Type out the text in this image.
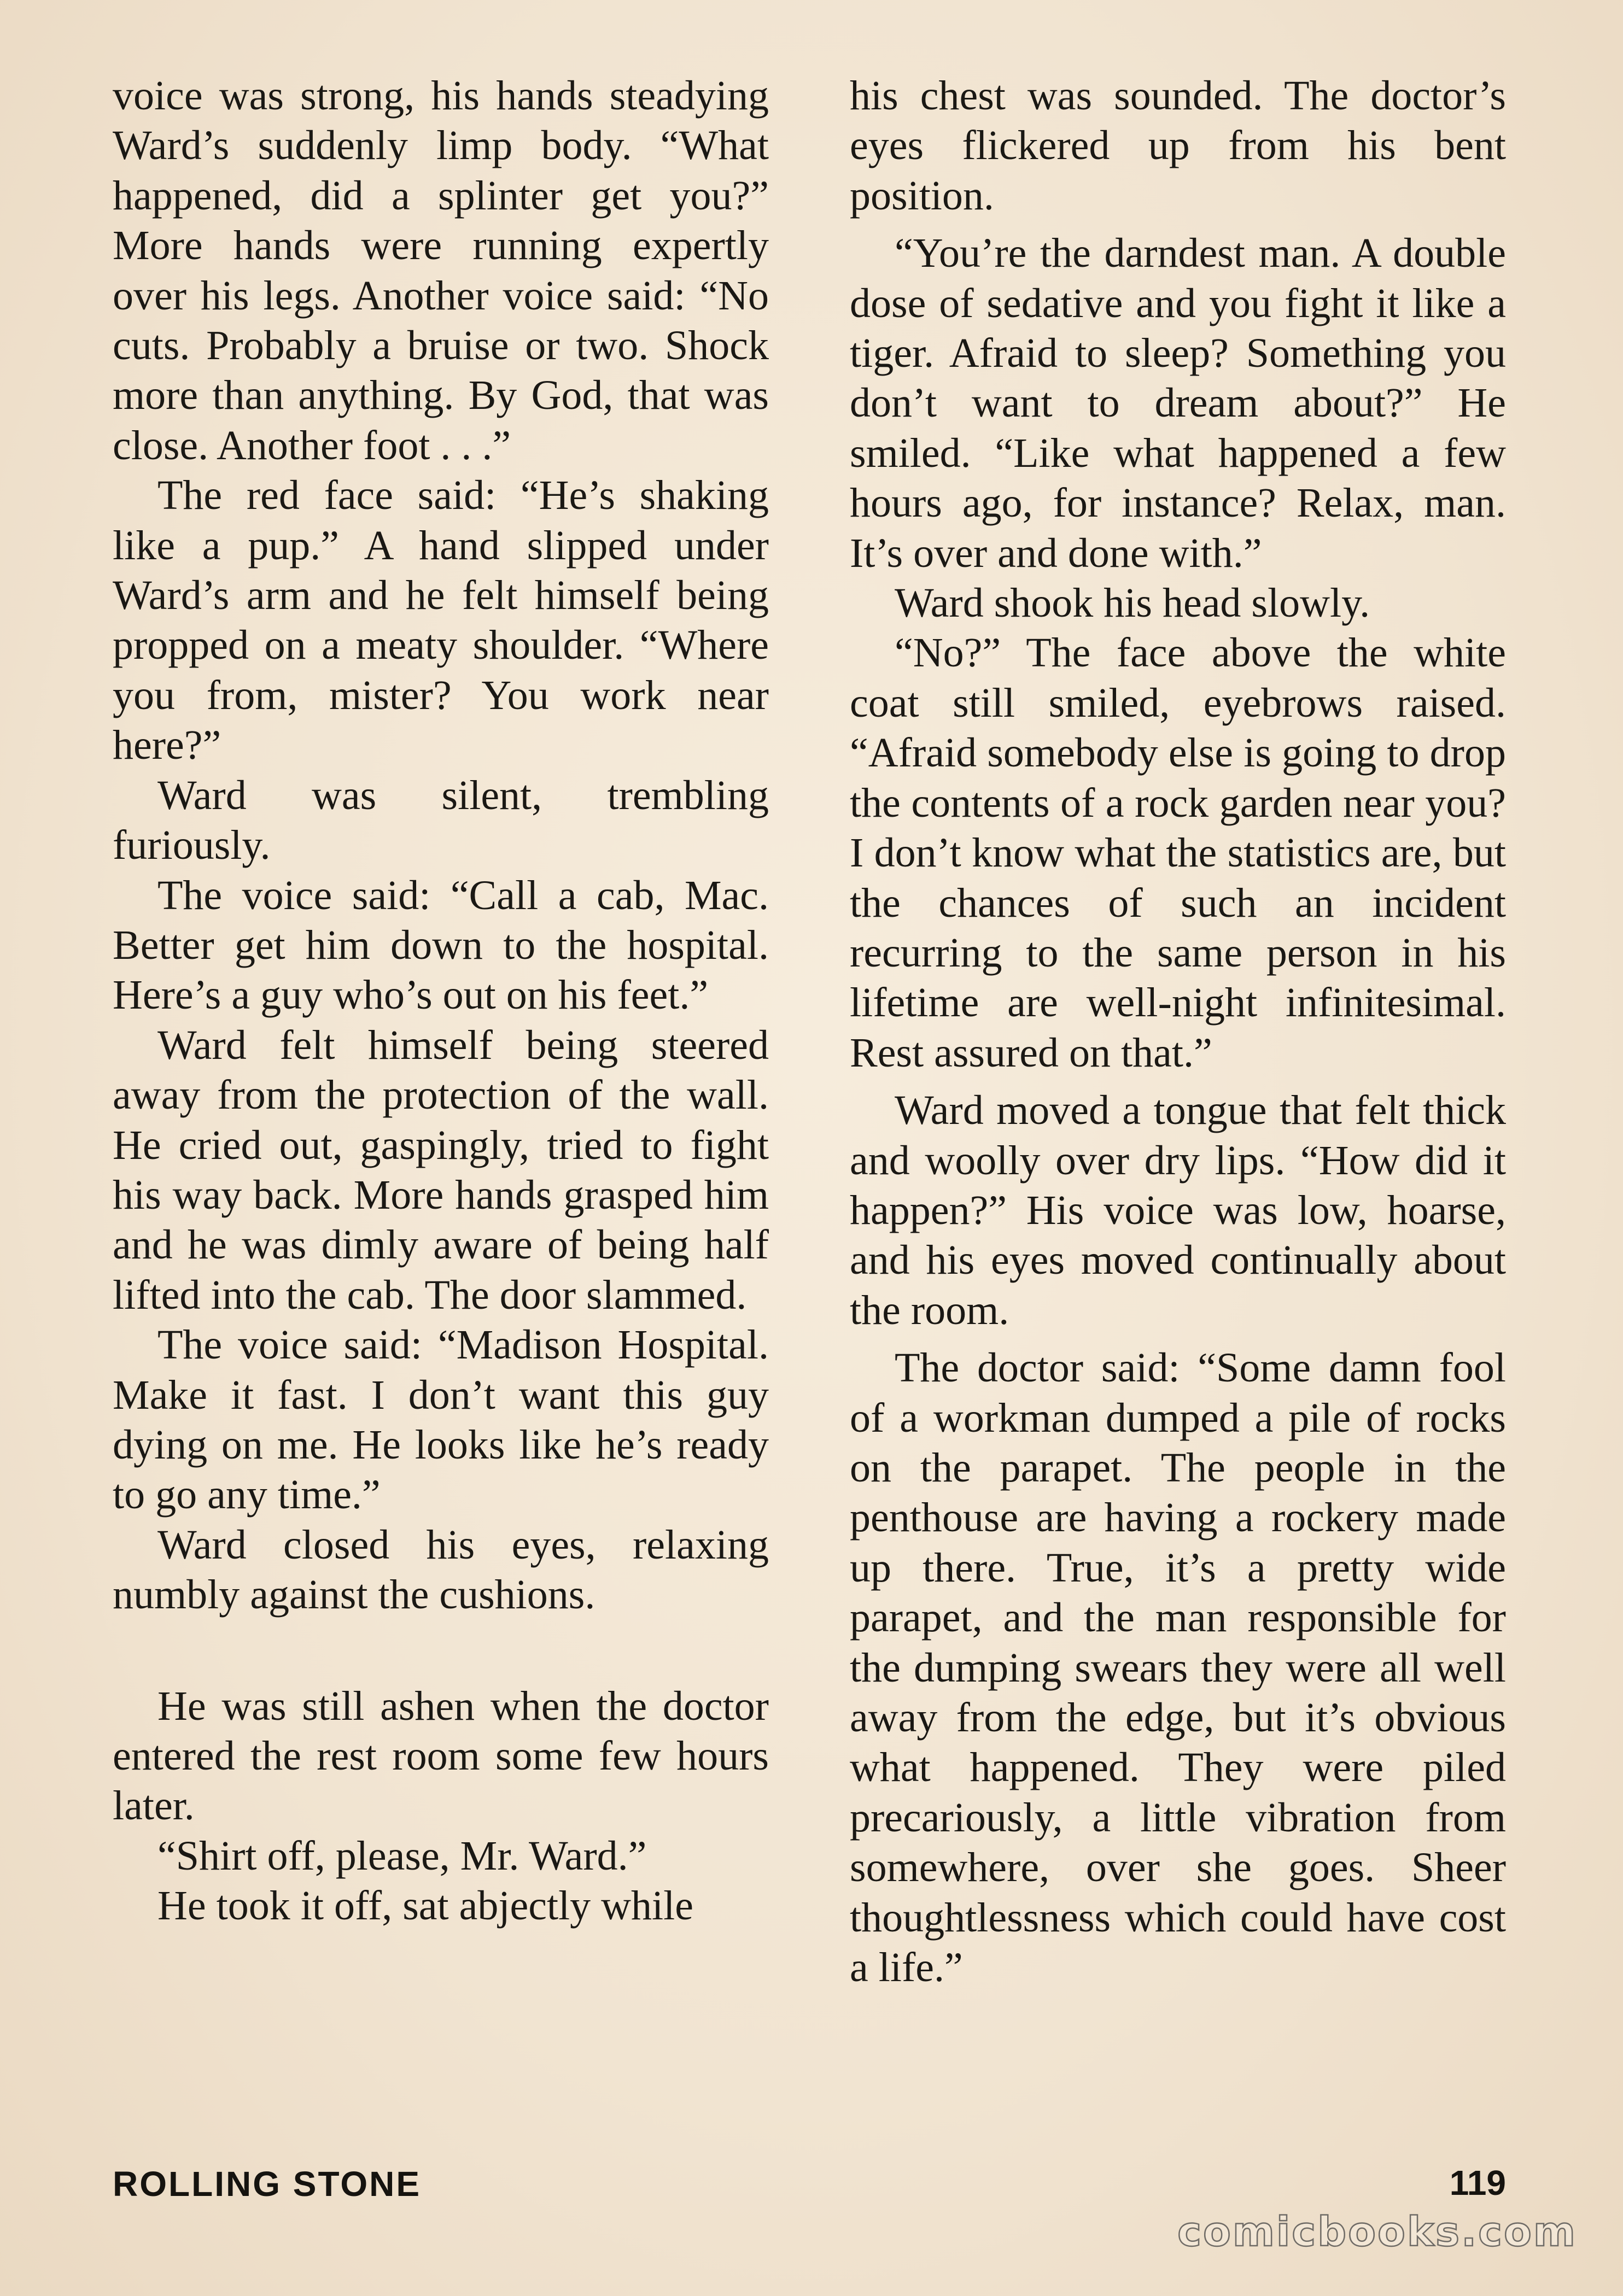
voice was strong, his hands steadying Ward’s suddenly limp body. “What happened, did a splinter get you?” More hands were running expertly over his legs. Another voice said: “No cuts. Probably a bruise or two. Shock more than anything. By God, that was close. Another foot . . .”

The red face said: “He’s shaking like a pup.” A hand slipped under Ward’s arm and he felt himself being propped on a meaty shoulder. “Where you from, mister? You work near here?”

Ward was silent, trembling furiously.

The voice said: “Call a cab, Mac. Better get him down to the hospital. Here’s a guy who’s out on his feet.”

Ward felt himself being steered away from the protection of the wall. He cried out, gaspingly, tried to fight his way back. More hands grasped him and he was dimly aware of being half lifted into the cab. The door slammed.

The voice said: “Madison Hospital. Make it fast. I don’t want this guy dying on me. He looks like he’s ready to go any time.”

Ward closed his eyes, relaxing numbly against the cushions.

He was still ashen when the doctor entered the rest room some few hours later.

“Shirt off, please, Mr. Ward.”

He took it off, sat abjectly while

his chest was sounded. The doctor’s eyes flickered up from his bent position.

“You’re the darndest man. A double dose of sedative and you fight it like a tiger. Afraid to sleep? Something you don’t want to dream about?” He smiled. “Like what happened a few hours ago, for instance? Relax, man. It’s over and done with.”

Ward shook his head slowly.

“No?” The face above the white coat still smiled, eyebrows raised. “Afraid somebody else is going to drop the contents of a rock garden near you? I don’t know what the statistics are, but the chances of such an incident recurring to the same person in his lifetime are well-night infinitesimal. Rest assured on that.”

Ward moved a tongue that felt thick and woolly over dry lips. “How did it happen?” His voice was low, hoarse, and his eyes moved continually about the room.

The doctor said: “Some damn fool of a workman dumped a pile of rocks on the parapet. The people in the penthouse are having a rockery made up there. True, it’s a pretty wide parapet, and the man responsible for the dumping swears they were all well away from the edge, but it’s obvious what happened. They were piled precariously, a little vibration from somewhere, over she goes. Sheer thoughtlessness which could have cost a life.”

ROLLING STONE	119
comicbooks.com
